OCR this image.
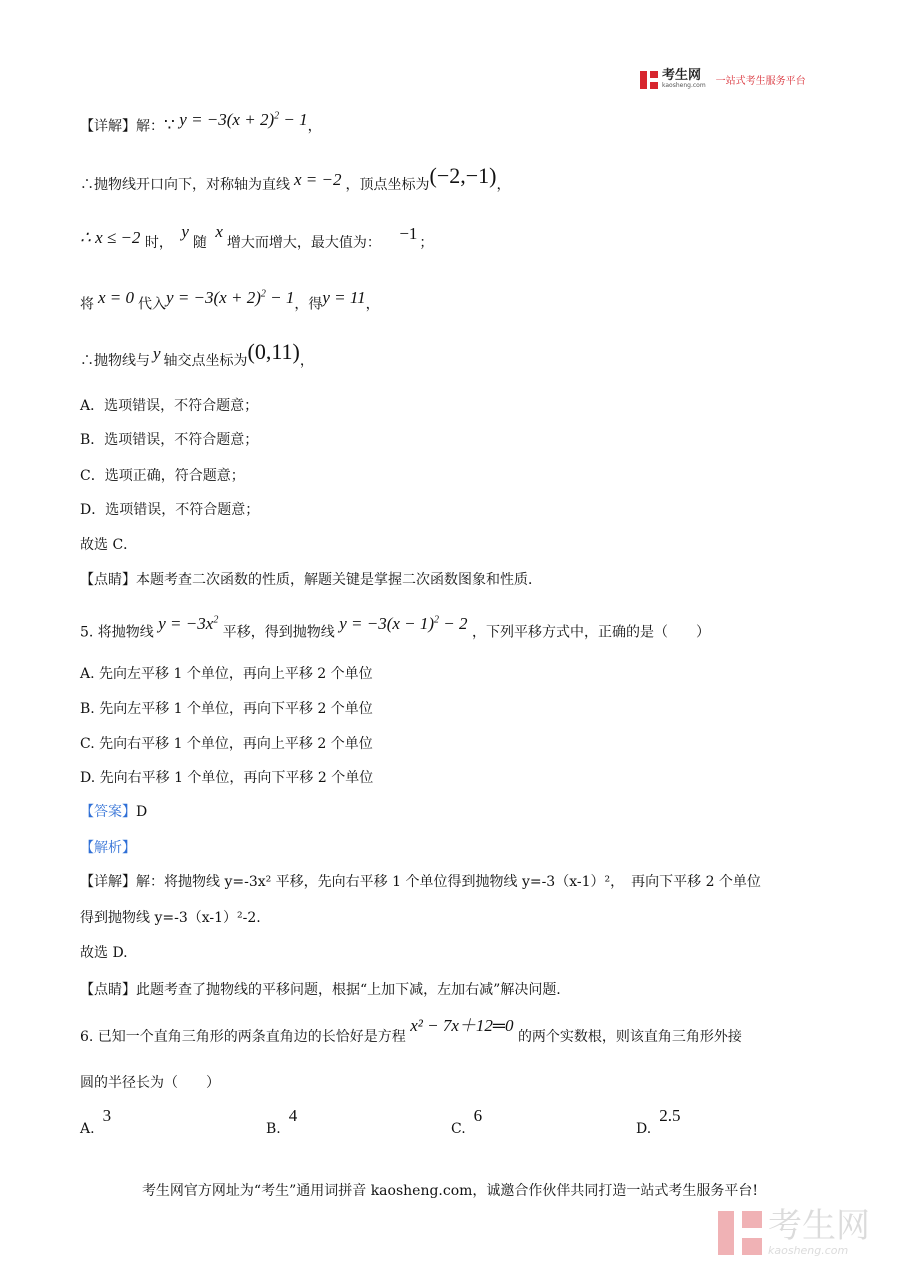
考生网
kaosheng.com 一站式考生服务平台
【详解】解：∵ $y = -3(x + 2)^2 - 1$，
∴抛物线开口向下，对称轴为直线 x = −2 ，顶点坐标为(−2,−1)，
∴ x ≤ −2 时， y随 x增大而增大，最大值为： −1 ；
将 x = 0 代入$y = -3(x + 2)^2 - 1$，得y = 11，
∴抛物线与 y 轴交点坐标为(0,11)，
A．选项错误，不符合题意；
B．选项错误，不符合题意；
C．选项正确，符合题意；
D．选项错误，不符合题意；
故选 C．
【点睛】本题考查二次函数的性质，解题关键是掌握二次函数图象和性质．
5. 将抛物线 $y = -3x^2$ 平移，得到抛物线 $y = -3(x - 1)^2 - 2$ ，下列平移方式中，正确的是（　　）
A. 先向左平移 1 个单位，再向上平移 2 个单位
B. 先向左平移 1 个单位，再向下平移 2 个单位
C. 先向右平移 1 个单位，再向上平移 2 个单位
D. 先向右平移 1 个单位，再向下平移 2 个单位
【答案】D
【解析】
【详解】解：将抛物线 y=-3x² 平移，先向右平移 1 个单位得到抛物线 y=-3（x-1）²，　再向下平移 2 个单位
得到抛物线 y=-3（x-1）²-2.
故选 D.
【点睛】此题考查了抛物线的平移问题，根据“上加下减，左加右减”解决问题.
6. 已知一个直角三角形的两条直角边的长恰好是方程 x² − 7x＋12═0 的两个实数根，则该直角三角形外接
圆的半径长为（　　）
A.3
B.4
C.6
D.2.5
考生网官方网址为“考生”通用词拼音 kaosheng.com，诚邀合作伙伴共同打造一站式考生服务平台!
考生网
kaosheng.com
